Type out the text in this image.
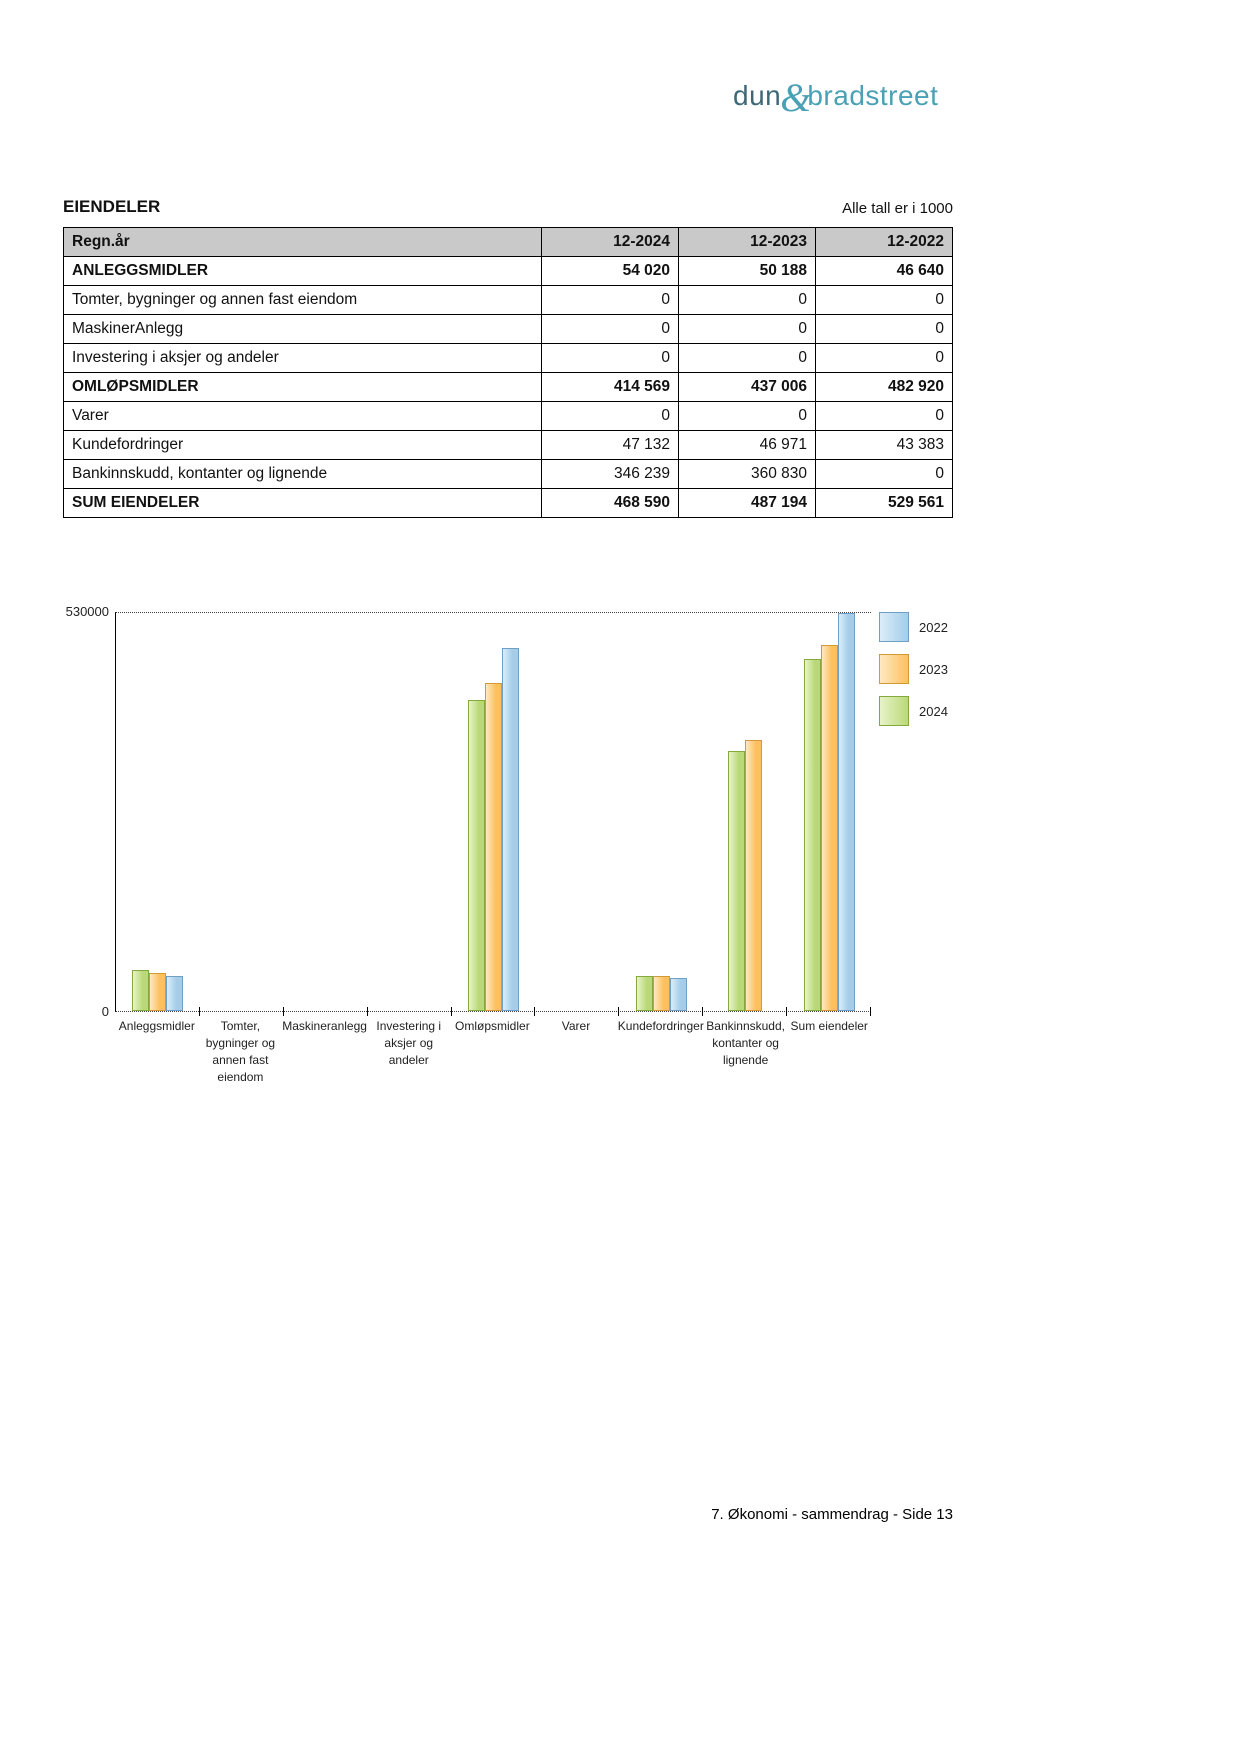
dun&bradstreet
EIENDELER	Alle tall er i 1000
Regn.år	12-2024	12-2023	12-2022
ANLEGGSMIDLER	54 020	50 188	46 640
Tomter, bygninger og annen fast eiendom	0	0	0
MaskinerAnlegg	0	0	0
Investering i aksjer og andeler	0	0	0
OMLØPSMIDLER	414 569	437 006	482 920
Varer	0	0	0
Kundefordringer	47 132	46 971	43 383
Bankinnskudd, kontanter og lignende	346 239	360 830	0
SUM EIENDELER	468 590	487 194	529 561
530000
0
Anleggsmidler	Tomter,
bygninger og
annen fast
eiendom
Maskineranlegg Investering i
aksjer og
andeler
Omløpsmidler	Varer	Kundefordringer Bankinnskudd,
kontanter og
lignende
Sum eiendeler
2022
2023
2024
7. Økonomi - sammendrag - Side 13
